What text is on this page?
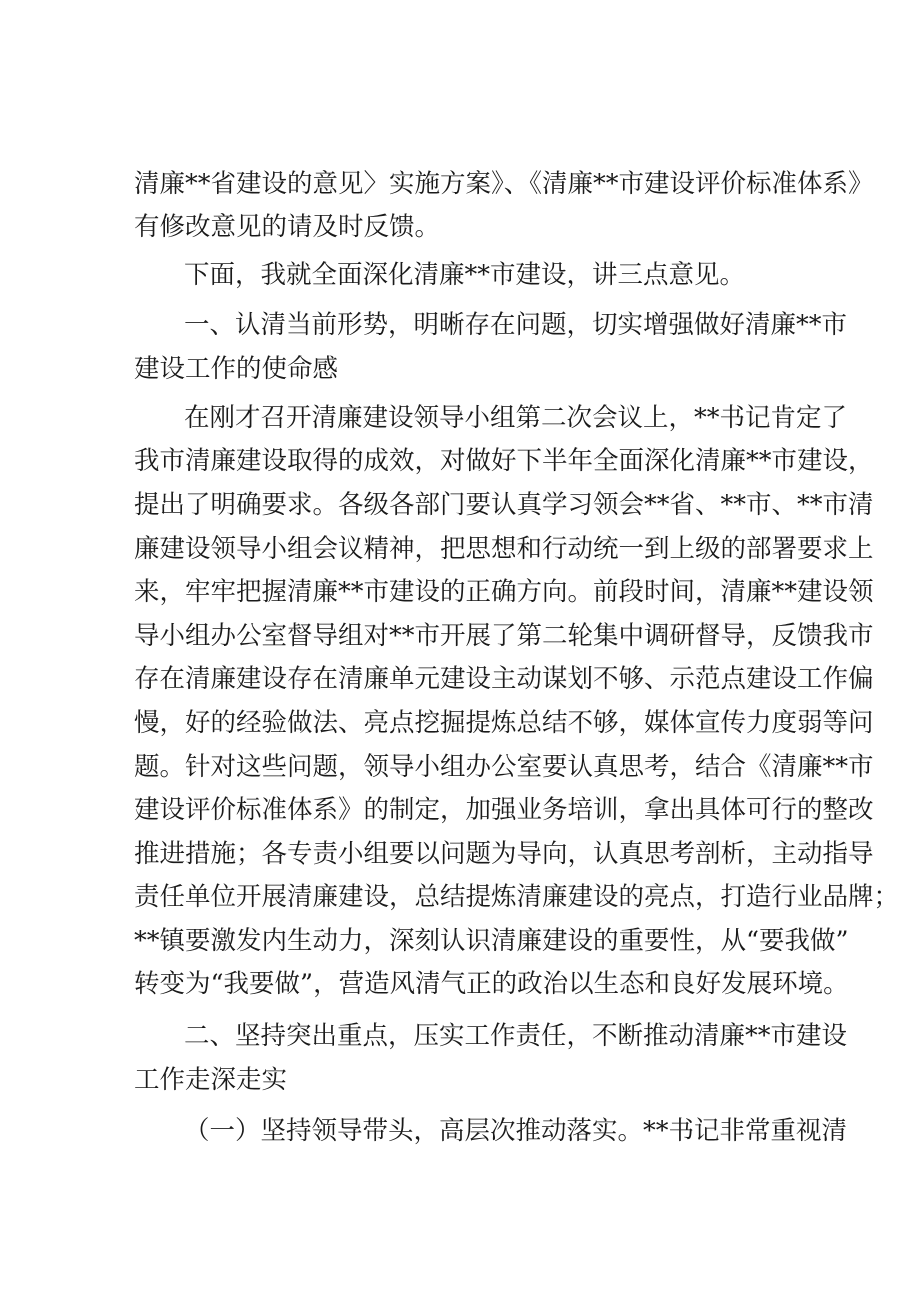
清廉**省建设的意见〉实施方案》、《清廉**市建设评价标准体系》
有修改意见的请及时反馈。
下面，我就全面深化清廉**市建设，讲三点意见。
一、认清当前形势，明晰存在问题，切实增强做好清廉**市
建设工作的使命感
在刚才召开清廉建设领导小组第二次会议上，**书记肯定了
我市清廉建设取得的成效，对做好下半年全面深化清廉**市建设，
提出了明确要求。各级各部门要认真学习领会**省、**市、**市清
廉建设领导小组会议精神，把思想和行动统一到上级的部署要求上
来，牢牢把握清廉**市建设的正确方向。前段时间，清廉**建设领
导小组办公室督导组对**市开展了第二轮集中调研督导，反馈我市
存在清廉建设存在清廉单元建设主动谋划不够、示范点建设工作偏
慢，好的经验做法、亮点挖掘提炼总结不够，媒体宣传力度弱等问
题。针对这些问题，领导小组办公室要认真思考，结合《清廉**市
建设评价标准体系》的制定，加强业务培训，拿出具体可行的整改
推进措施；各专责小组要以问题为导向，认真思考剖析，主动指导
责任单位开展清廉建设，总结提炼清廉建设的亮点，打造行业品牌；
**镇要激发内生动力，深刻认识清廉建设的重要性，从“要我做”
转变为“我要做”，营造风清气正的政治以生态和良好发展环境。
二、坚持突出重点，压实工作责任，不断推动清廉**市建设
工作走深走实
（一）坚持领导带头，高层次推动落实。**书记非常重视清
